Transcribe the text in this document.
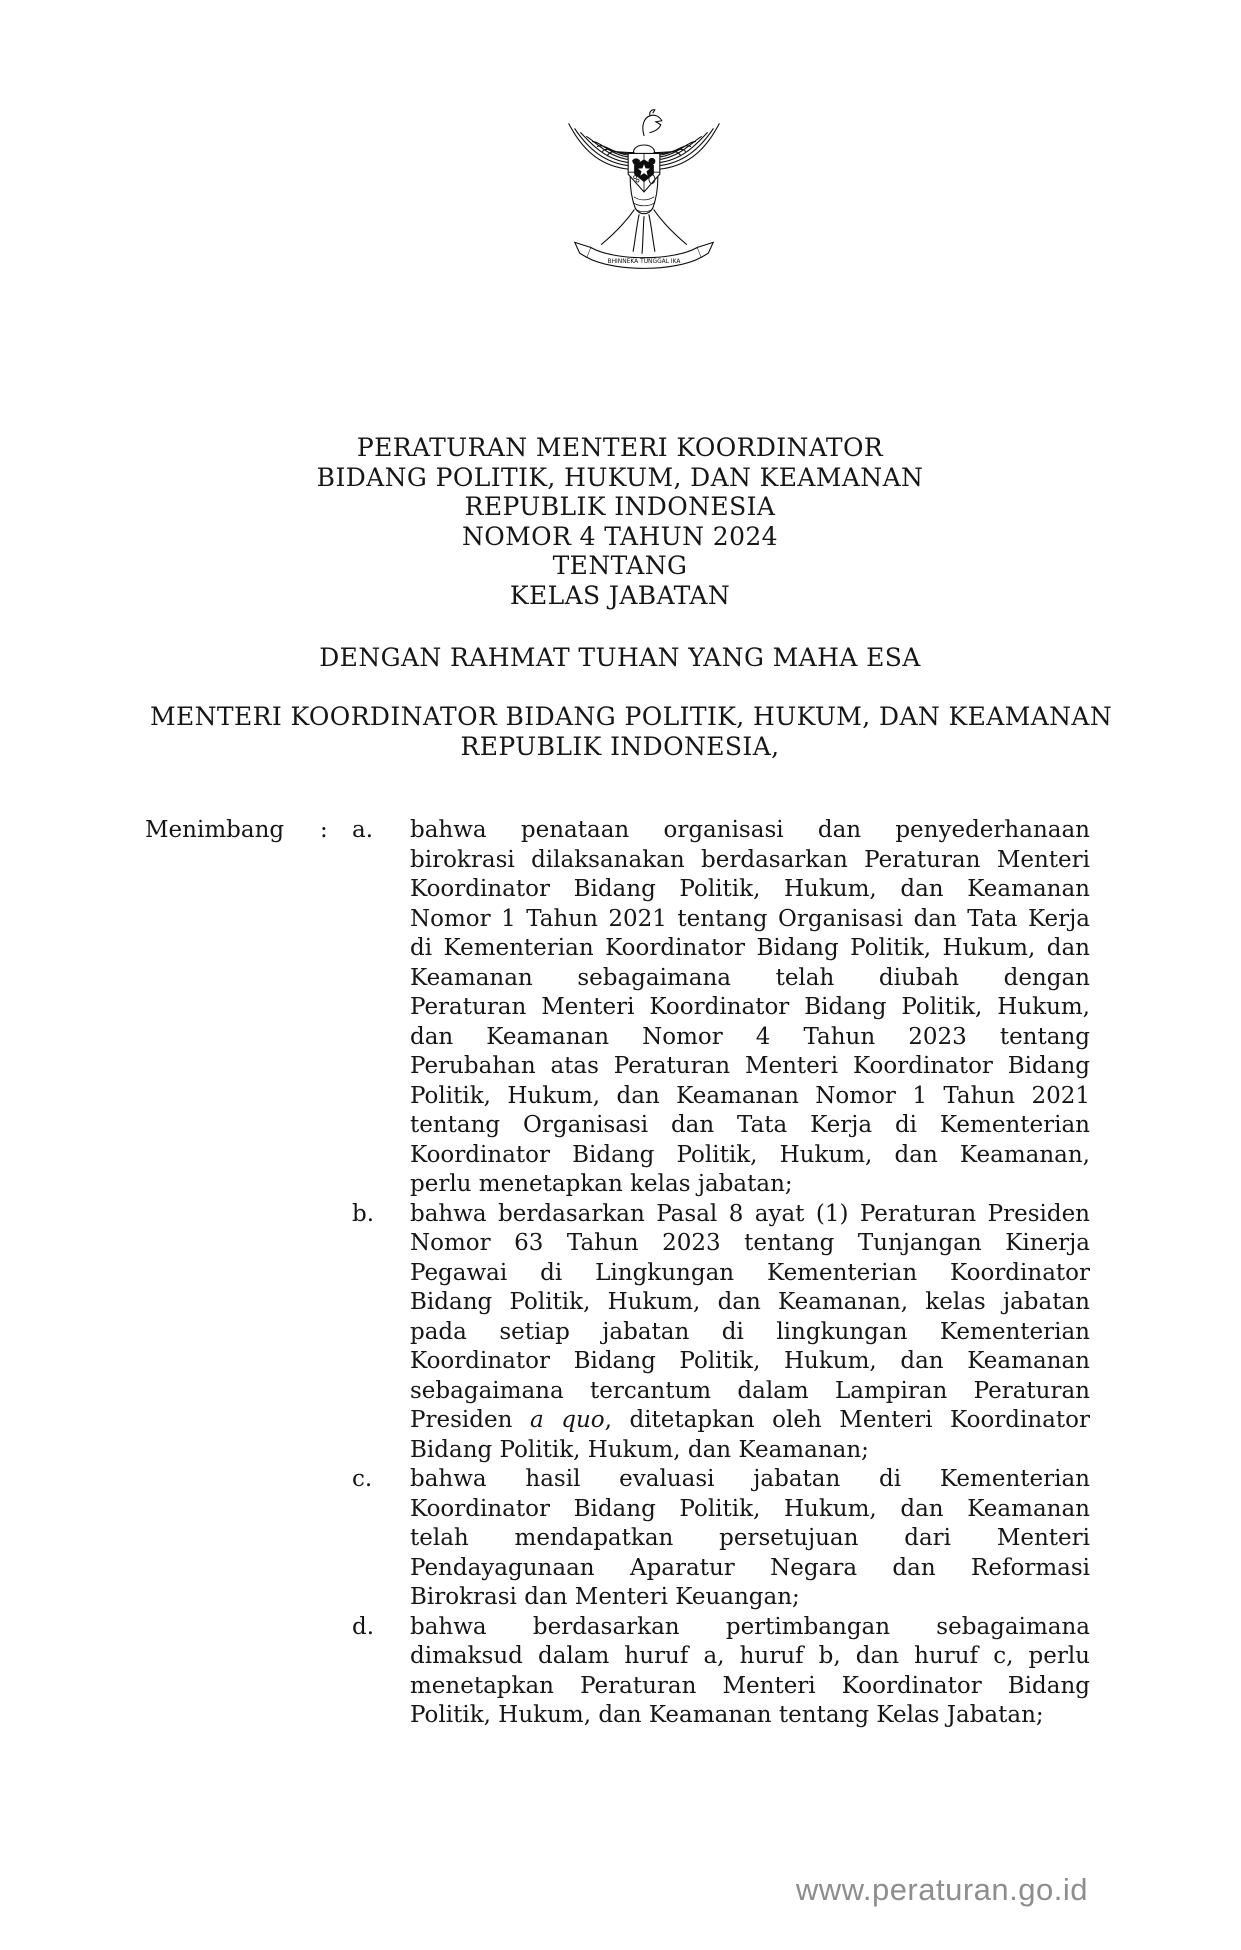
BHINNEKA TUNGGAL IKA
PERATURAN MENTERI KOORDINATOR
BIDANG POLITIK, HUKUM, DAN KEAMANAN
REPUBLIK INDONESIA
NOMOR 4 TAHUN 2024
TENTANG
KELAS JABATAN
DENGAN RAHMAT TUHAN YANG MAHA ESA
MENTERI KOORDINATOR BIDANG POLITIK, HUKUM, DAN KEAMANAN
REPUBLIK INDONESIA,
Menimbang	:	a.	bahwa penataan organisasi dan penyederhanaan
birokrasi dilaksanakan berdasarkan Peraturan Menteri
Koordinator Bidang Politik, Hukum, dan Keamanan
Nomor 1 Tahun 2021 tentang Organisasi dan Tata Kerja
di Kementerian Koordinator Bidang Politik, Hukum, dan
Keamanan sebagaimana telah diubah dengan
Peraturan Menteri Koordinator Bidang Politik, Hukum,
dan Keamanan Nomor 4 Tahun 2023 tentang
Perubahan atas Peraturan Menteri Koordinator Bidang
Politik, Hukum, dan Keamanan Nomor 1 Tahun 2021
tentang Organisasi dan Tata Kerja di Kementerian
Koordinator Bidang Politik, Hukum, dan Keamanan,
perlu menetapkan kelas jabatan;
b.	bahwa berdasarkan Pasal 8 ayat (1) Peraturan Presiden
Nomor 63 Tahun 2023 tentang Tunjangan Kinerja
Pegawai di Lingkungan Kementerian Koordinator
Bidang Politik, Hukum, dan Keamanan, kelas jabatan
pada setiap jabatan di lingkungan Kementerian
Koordinator Bidang Politik, Hukum, dan Keamanan
sebagaimana tercantum dalam Lampiran Peraturan
Presiden a quo, ditetapkan oleh Menteri Koordinator
Bidang Politik, Hukum, dan Keamanan;
c.	bahwa hasil evaluasi jabatan di Kementerian
Koordinator Bidang Politik, Hukum, dan Keamanan
telah mendapatkan persetujuan dari Menteri
Pendayagunaan Aparatur Negara dan Reformasi
Birokrasi dan Menteri Keuangan;
d.	bahwa berdasarkan pertimbangan sebagaimana
dimaksud dalam huruf a, huruf b, dan huruf c, perlu
menetapkan Peraturan Menteri Koordinator Bidang
Politik, Hukum, dan Keamanan tentang Kelas Jabatan;
www.peraturan.go.id
